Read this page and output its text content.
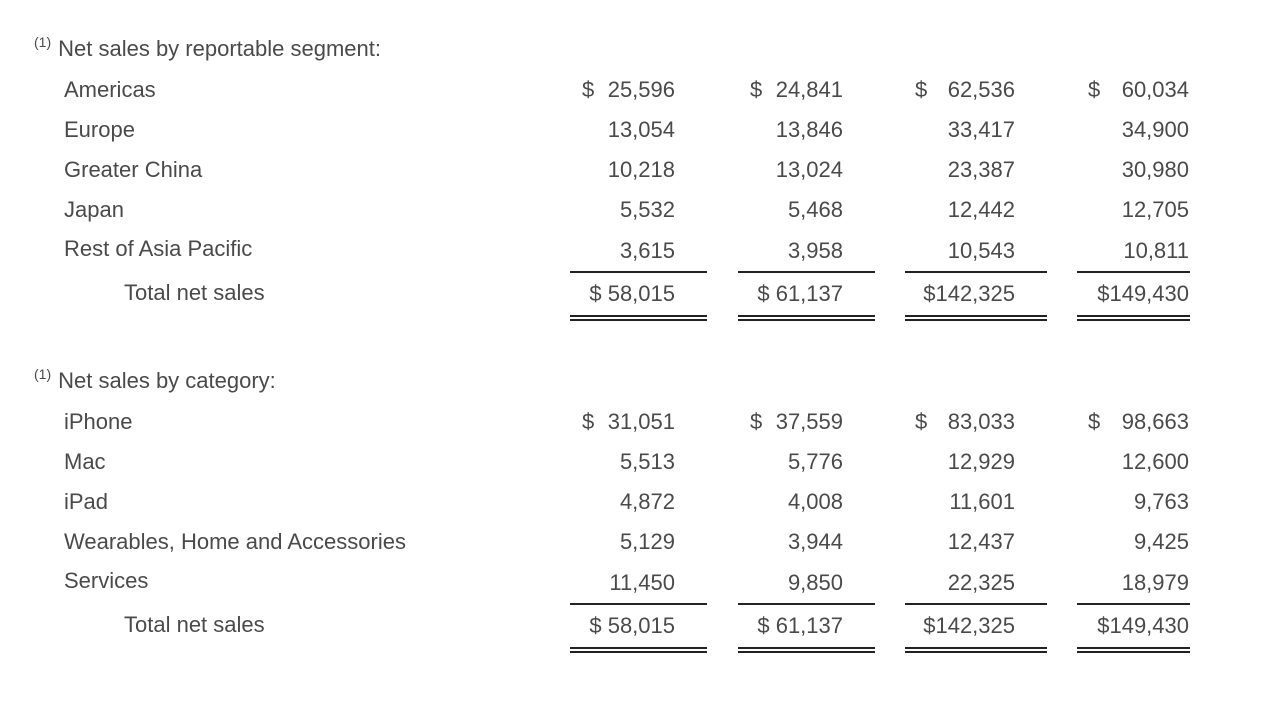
$^{(1)}$ Net sales by reportable segment:
Americas	$ 25,596	$ 24,841	$ 62,536	$ 60,034
Europe	13,054	13,846	33,417	34,900
Greater China	10,218	13,024	23,387	30,980
Japan	5,532	5,468	12,442	12,705
Rest of Asia Pacific	3,615	3,958	10,543	10,811
Total net sales	$ 58,015	$ 61,137	$142,325	$149,430
$^{(1)}$ Net sales by category:
iPhone	$ 31,051	$ 37,559	$ 83,033	$ 98,663
Mac	5,513	5,776	12,929	12,600
iPad	4,872	4,008	11,601	9,763
Wearables, Home and Accessories	5,129	3,944	12,437	9,425
Services	11,450	9,850	22,325	18,979
Total net sales	$ 58,015	$ 61,137	$142,325	$149,430
